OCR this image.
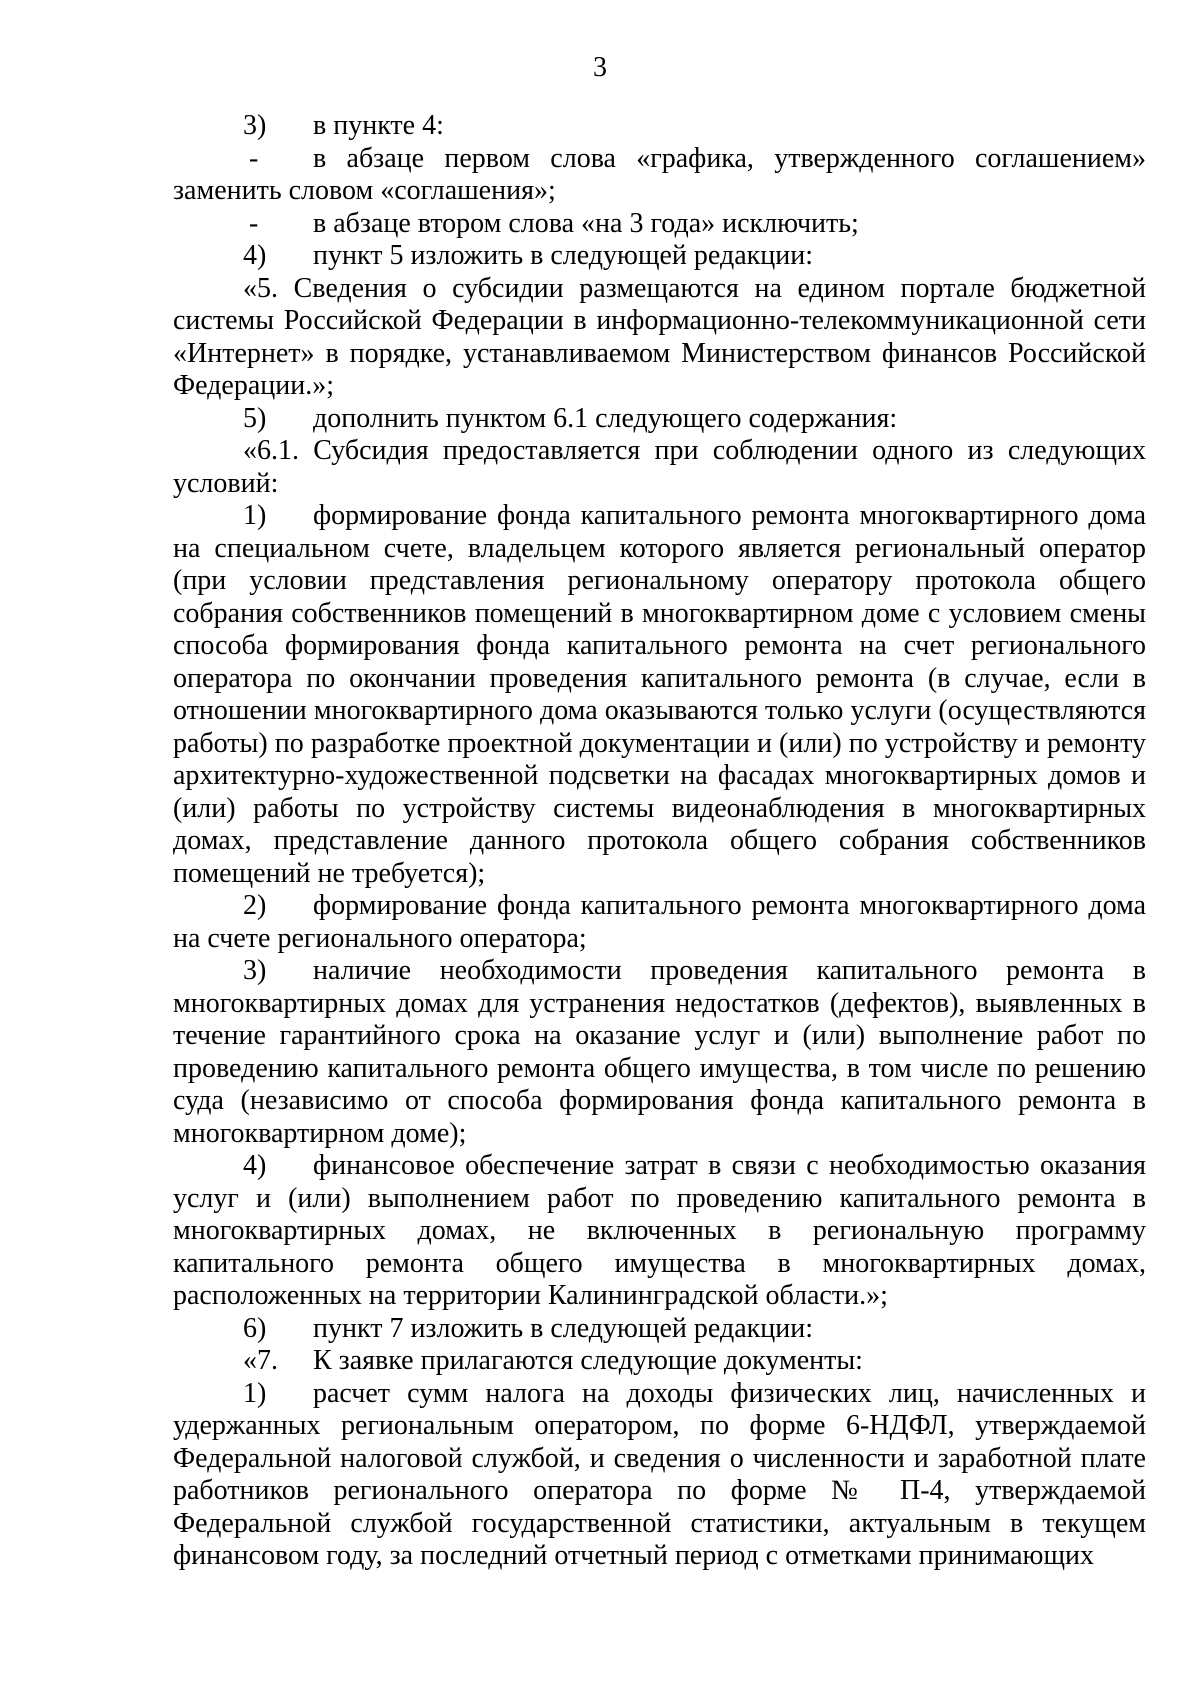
3

3) в пункте 4:

- в абзаце первом слова «графика, утвержденного соглашением» заменить словом «соглашения»;

- в абзаце втором слова «на 3 года» исключить;

4) пункт 5 изложить в следующей редакции:

«5. Сведения о субсидии размещаются на едином портале бюджетной системы Российской Федерации в информационно-телекоммуникационной сети «Интернет» в порядке, устанавливаемом Министерством финансов Российской Федерации.»;

5) дополнить пунктом 6.1 следующего содержания:

«6.1. Субсидия предоставляется при соблюдении одного из следующих условий:

1) формирование фонда капитального ремонта многоквартирного дома на специальном счете, владельцем которого является региональный оператор (при условии представления региональному оператору протокола общего собрания собственников помещений в многоквартирном доме с условием смены способа формирования фонда капитального ремонта на счет регионального оператора по окончании проведения капитального ремонта (в случае, если в отношении многоквартирного дома оказываются только услуги (осуществляются работы) по разработке проектной документации и (или) по устройству и ремонту архитектурно-художественной подсветки на фасадах многоквартирных домов и (или) работы по устройству системы видеонаблюдения в многоквартирных домах, представление данного протокола общего собрания собственников помещений не требуется);

2) формирование фонда капитального ремонта многоквартирного дома на счете регионального оператора;

3) наличие необходимости проведения капитального ремонта в многоквартирных домах для устранения недостатков (дефектов), выявленных в течение гарантийного срока на оказание услуг и (или) выполнение работ по проведению капитального ремонта общего имущества, в том числе по решению суда (независимо от способа формирования фонда капитального ремонта в многоквартирном доме);

4) финансовое обеспечение затрат в связи с необходимостью оказания услуг и (или) выполнением работ по проведению капитального ремонта в многоквартирных домах, не включенных в региональную программу капитального ремонта общего имущества в многоквартирных домах, расположенных на территории Калининградской области.»;

6) пункт 7 изложить в следующей редакции:

«7. К заявке прилагаются следующие документы:

1) расчет сумм налога на доходы физических лиц, начисленных и удержанных региональным оператором, по форме 6-НДФЛ, утверждаемой Федеральной налоговой службой, и сведения о численности и заработной плате работников регионального оператора по форме № П-4, утверждаемой Федеральной службой государственной статистики, актуальным в текущем финансовом году, за последний отчетный период с отметками принимающих
